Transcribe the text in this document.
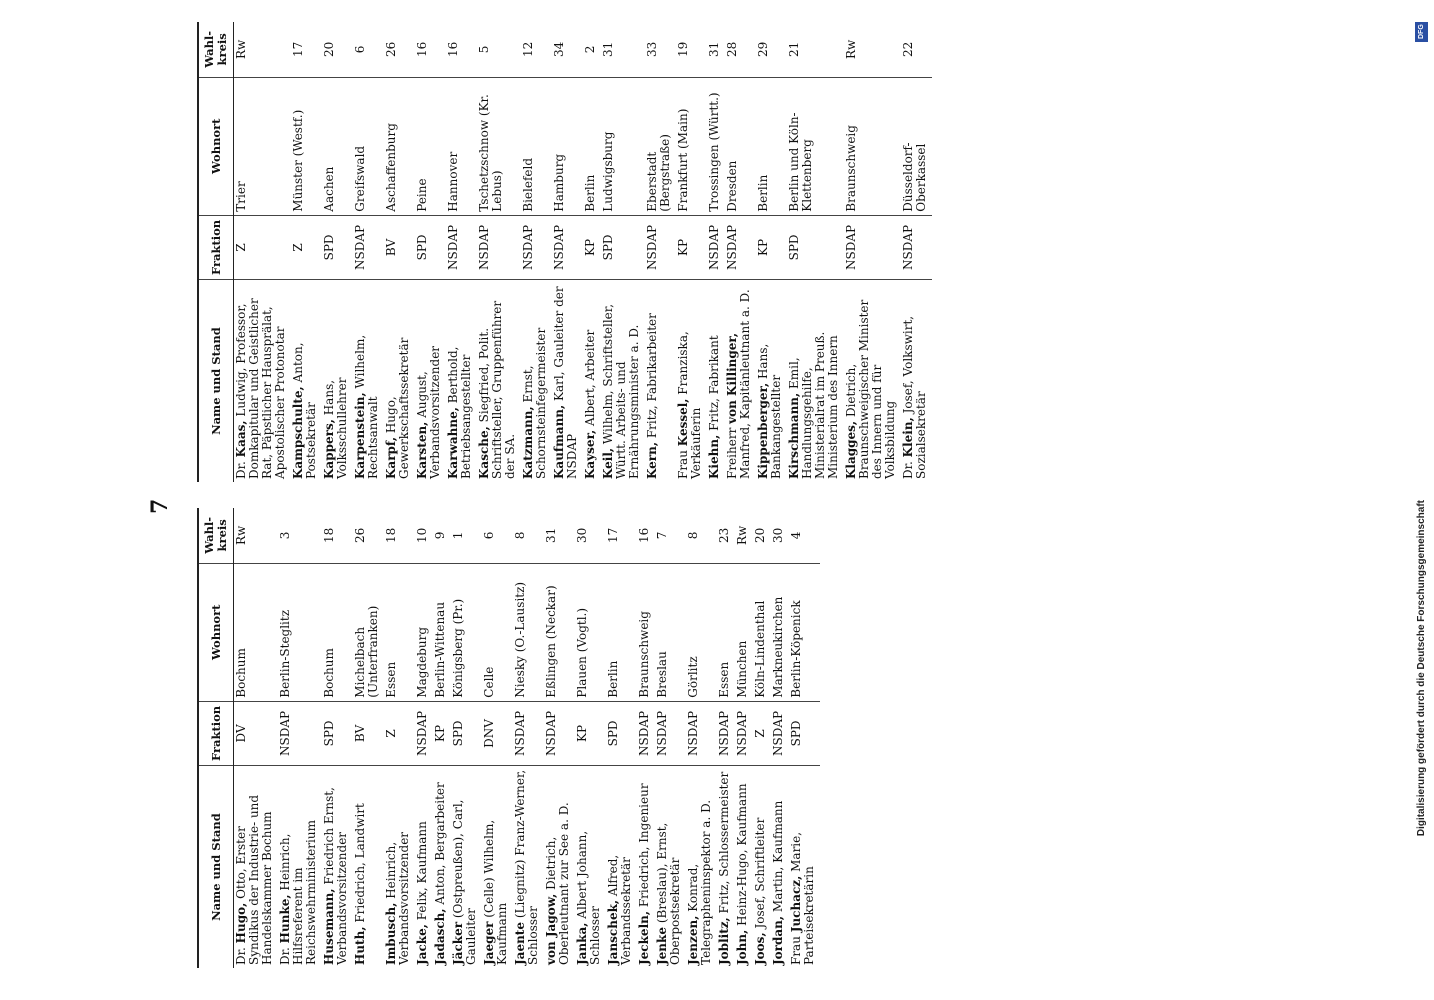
7
Name und Stand	Fraktion	Wohnort	Wahl-kreis
Dr. Hugo, Otto, Erster Syndikus der Industrie- und Handelskammer Bochum	DV	Bochum	Rw
Dr. Hunke, Heinrich, Hilfsreferent im Reichswehrministerium	NSDAP	Berlin-Steglitz	3
Husemann, Friedrich Ernst, Verbandsvorsitzender	SPD	Bochum	18
Huth, Friedrich, Landwirt	BV	Michelbach (Unterfranken)	26
Imbusch, Heinrich, Verbandsvorsitzender	Z	Essen	18
Jacke, Felix, Kaufmann	NSDAP	Magdeburg	10
Jadasch, Anton, Bergarbeiter	KP	Berlin-Wittenau	9
Jäcker (Ostpreußen), Carl, Gauleiter	SPD	Königsberg (Pr.)	1
Jaeger (Celle) Wilhelm, Kaufmann	DNV	Celle	6
Jaente (Liegnitz) Franz-Werner, Schlosser	NSDAP	Niesky (O.-Lausitz)	8
von Jagow, Dietrich, Oberleutnant zur See a. D.	NSDAP	Eßlingen (Neckar)	31
Janka, Albert Johann, Schlosser	KP	Plauen (Vogtl.)	30
Janschek, Alfred, Verbandssekretär	SPD	Berlin	17
Jeckeln, Friedrich, Ingenieur	NSDAP	Braunschweig	16
Jenke (Breslau), Ernst, Oberpostsekretär	NSDAP	Breslau	7
Jenzen, Konrad, Telegrapheninspektor a. D.	NSDAP	Görlitz	8
Joblitz, Fritz, Schlossermeister	NSDAP	Essen	23
John, Heinz-Hugo, Kaufmann	NSDAP	München	Rw
Joos, Josef, Schriftleiter	Z	Köln-Lindenthal	20
Jordan, Martin, Kaufmann	NSDAP	Markneukirchen	30
Frau Juchacz, Marie, Parteisekretärin	SPD	Berlin-Köpenick	4
Name und Stand	Fraktion	Wohnort	Wahl-kreis
Dr. Kaas, Ludwig, Professor, Domkapitular und Geistlicher Rat, Päpstlicher Hausprälat, Apostolischer Protonotar	Z	Trier	Rw
Kampschulte, Anton, Postsekretär	Z	Münster (Westf.)	17
Kappers, Hans, Volksschullehrer	SPD	Aachen	20
Karpenstein, Wilhelm, Rechtsanwalt	NSDAP	Greifswald	6
Karpf, Hugo, Gewerkschaftssekretär	BV	Aschaffenburg	26
Karsten, August, Verbandsvorsitzender	SPD	Peine	16
Karwahne, Berthold, Betriebsangestellter	NSDAP	Hannover	16
Kasche, Siegfried, Polit. Schriftsteller, Gruppenführer der SA.	NSDAP	Tschetzschnow (Kr. Lebus)	5
Katzmann, Ernst, Schornsteinfegermeister	NSDAP	Bielefeld	12
Kaufmann, Karl, Gauleiter der NSDAP	NSDAP	Hamburg	34
Kayser, Albert, Arbeiter	KP	Berlin	2
Keil, Wilhelm, Schriftsteller, Württ. Arbeits- und Ernährungsminister a. D.	SPD	Ludwigsburg	31
Kern, Fritz, Fabrikarbeiter	NSDAP	Eberstadt (Bergstraße)	33
Frau Kessel, Franziska, Verkäuferin	KP	Frankfurt (Main)	19
Kiehn, Fritz, Fabrikant	NSDAP	Trossingen (Württ.)	31
Freiherr von Killinger, Manfred, Kapitänleutnant a. D.	NSDAP	Dresden	28
Kippenberger, Hans, Bankangestellter	KP	Berlin	29
Kirschmann, Emil, Handlungsgehilfe, Ministerialrat im Preuß. Ministerium des Innern	SPD	Berlin und Köln-Klettenberg	21
Klagges, Dietrich, Braunschweigischer Minister des Innern und für Volksbildung	NSDAP	Braunschweig	Rw
Dr. Klein, Josef, Volkswirt, Sozialsekretär	NSDAP	Düsseldorf-Oberkassel	22
DFG
Digitalisierung gefördert durch die Deutsche Forschungsgemeinschaft
